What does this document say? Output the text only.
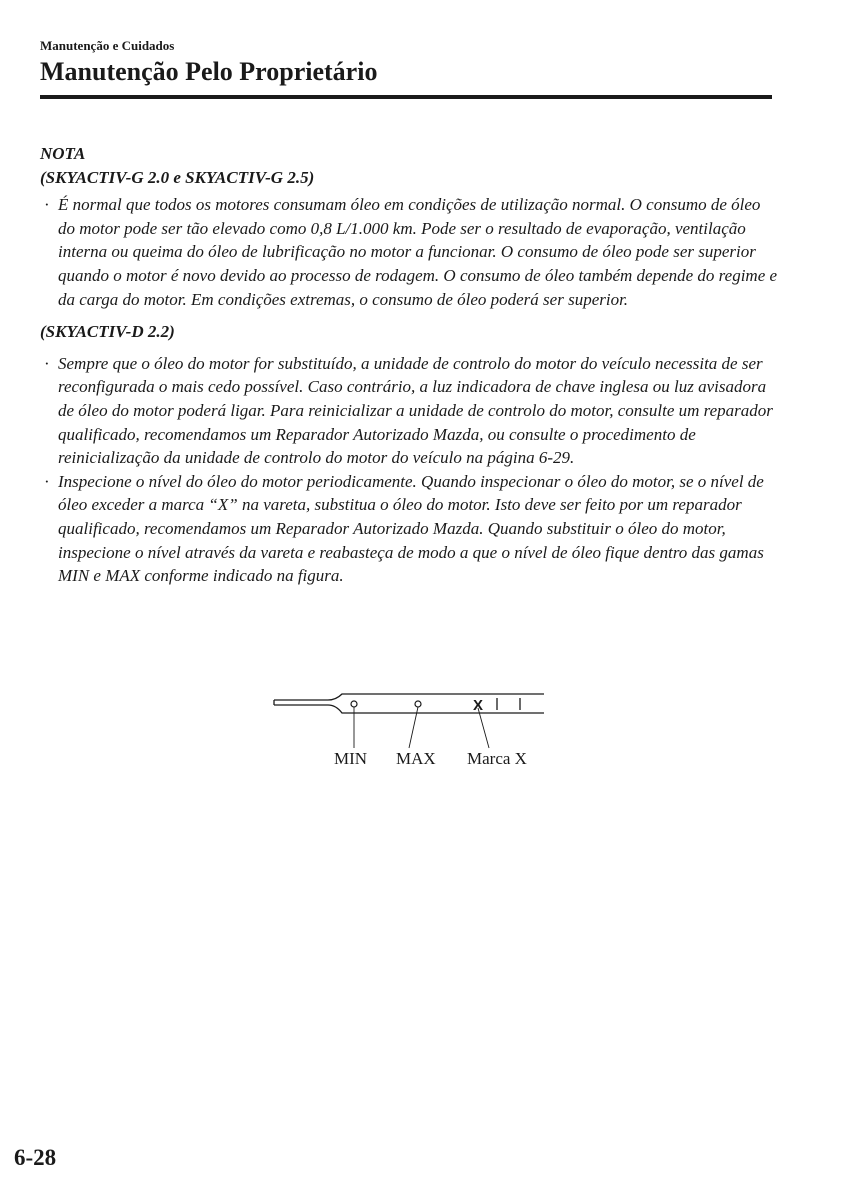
Manutenção e Cuidados
Manutenção Pelo Proprietário

NOTA

(SKYACTIV-G 2.0 e SKYACTIV-G 2.5)

· É normal que todos os motores consumam óleo em condições de utilização normal. O consumo de óleo do motor pode ser tão elevado como 0,8 L/1.000 km. Pode ser o resultado de evaporação, ventilação interna ou queima do óleo de lubrificação no motor a funcionar. O consumo de óleo pode ser superior quando o motor é novo devido ao processo de rodagem. O consumo de óleo também depende do regime e da carga do motor. Em condições extremas, o consumo de óleo poderá ser superior.

(SKYACTIV-D 2.2)

· Sempre que o óleo do motor for substituído, a unidade de controlo do motor do veículo necessita de ser reconfigurada o mais cedo possível. Caso contrário, a luz indicadora de chave inglesa ou luz avisadora de óleo do motor poderá ligar. Para reinicializar a unidade de controlo do motor, consulte um reparador qualificado, recomendamos um Reparador Autorizado Mazda, ou consulte o procedimento de reinicialização da unidade de controlo do motor do veículo na página 6-29.

· Inspecione o nível do óleo do motor periodicamente. Quando inspecionar o óleo do motor, se o nível de óleo exceder a marca “X” na vareta, substitua o óleo do motor. Isto deve ser feito por um reparador qualificado, recomendamos um Reparador Autorizado Mazda. Quando substituir o óleo do motor, inspecione o nível através da vareta e reabasteça de modo a que o nível de óleo fique dentro das gamas MIN e MAX conforme indicado na figura.

X
MIN MAX Marca X
6-28
